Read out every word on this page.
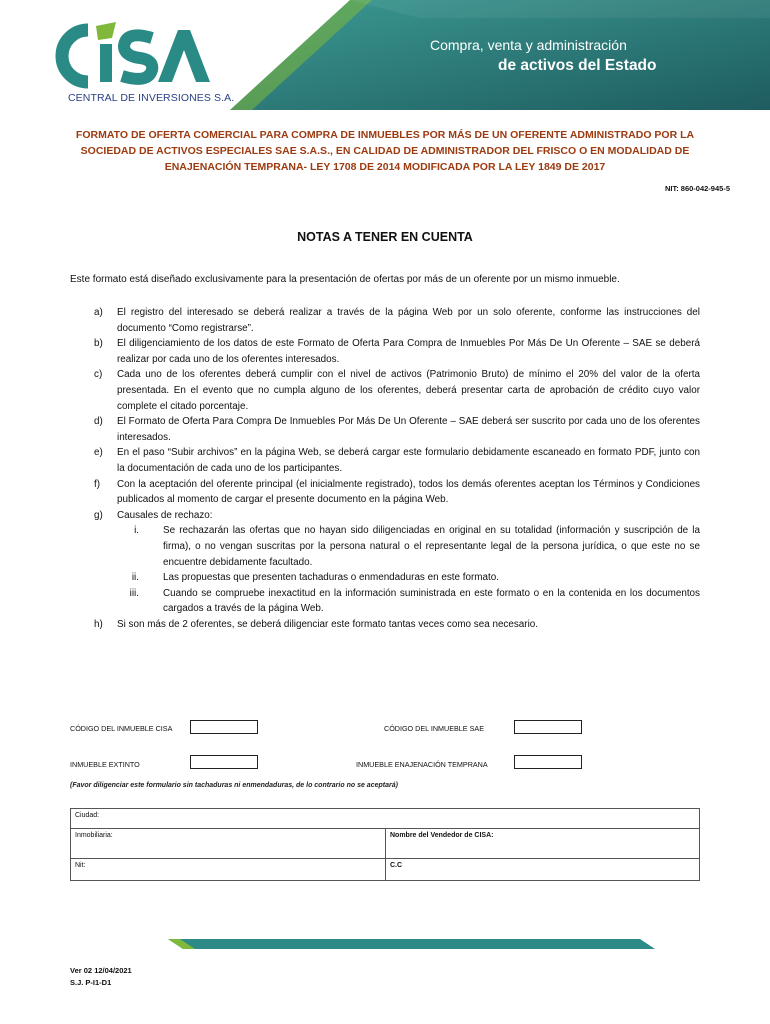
CENTRAL DE INVERSIONES S.A.
Compra, venta y administración
de activos del Estado
FORMATO DE OFERTA COMERCIAL PARA COMPRA DE INMUEBLES POR MÁS DE UN OFERENTE ADMINISTRADO POR LA SOCIEDAD DE ACTIVOS ESPECIALES SAE S.A.S., EN CALIDAD DE ADMINISTRADOR DEL FRISCO O EN MODALIDAD DE ENAJENACIÓN TEMPRANA- LEY 1708 DE 2014 MODIFICADA POR LA LEY 1849 DE 2017
NIT: 860-042-945-5
NOTAS A TENER EN CUENTA
Este formato está diseñado exclusivamente para la presentación de ofertas por más de un oferente por un mismo inmueble.
a)	El registro del interesado se deberá realizar a través de la página Web por un solo oferente, conforme las instrucciones del documento “Como registrarse”.
b)	El diligenciamiento de los datos de este Formato de Oferta Para Compra de Inmuebles Por Más De Un Oferente – SAE se deberá realizar por cada uno de los oferentes interesados.
c)	Cada uno de los oferentes deberá cumplir con el nivel de activos (Patrimonio Bruto) de mínimo el 20% del valor de la oferta presentada. En el evento que no cumpla alguno de los oferentes, deberá presentar carta de aprobación de crédito cuyo valor complete el citado porcentaje.
d)	El Formato de Oferta Para Compra De Inmuebles Por Más De Un Oferente – SAE deberá ser suscrito por cada uno de los oferentes interesados.
e)	En el paso “Subir archivos” en la página Web, se deberá cargar este formulario debidamente escaneado en formato PDF, junto con la documentación de cada uno de los participantes.
f)	Con la aceptación del oferente principal (el inicialmente registrado), todos los demás oferentes aceptan los Términos y Condiciones publicados al momento de cargar el presente documento en la página Web.
g)	Causales de rechazo:
i.	Se rechazarán las ofertas que no hayan sido diligenciadas en original en su totalidad (información y suscripción de la firma), o no vengan suscritas por la persona natural o el representante legal de la persona jurídica, o que este no se encuentre debidamente facultado.
ii.	Las propuestas que presenten tachaduras o enmendaduras en este formato.
iii.	Cuando se compruebe inexactitud en la información suministrada en este formato o en la contenida en los documentos cargados a través de la página Web.
h)	Si son más de 2 oferentes, se deberá diligenciar este formato tantas veces como sea necesario.
CÓDIGO DEL INMUEBLE CISA	CÓDIGO DEL INMUEBLE SAE
INMUEBLE EXTINTO	INMUEBLE ENAJENACIÓN TEMPRANA
(Favor diligenciar este formulario sin tachaduras ni enmendaduras, de lo contrario no se aceptará)
Ciudad:
Inmobiliaria:	Nombre del Vendedor de CISA:
Nit:	C.C
Ver 02 12/04/2021
S.J. P-I1-D1
